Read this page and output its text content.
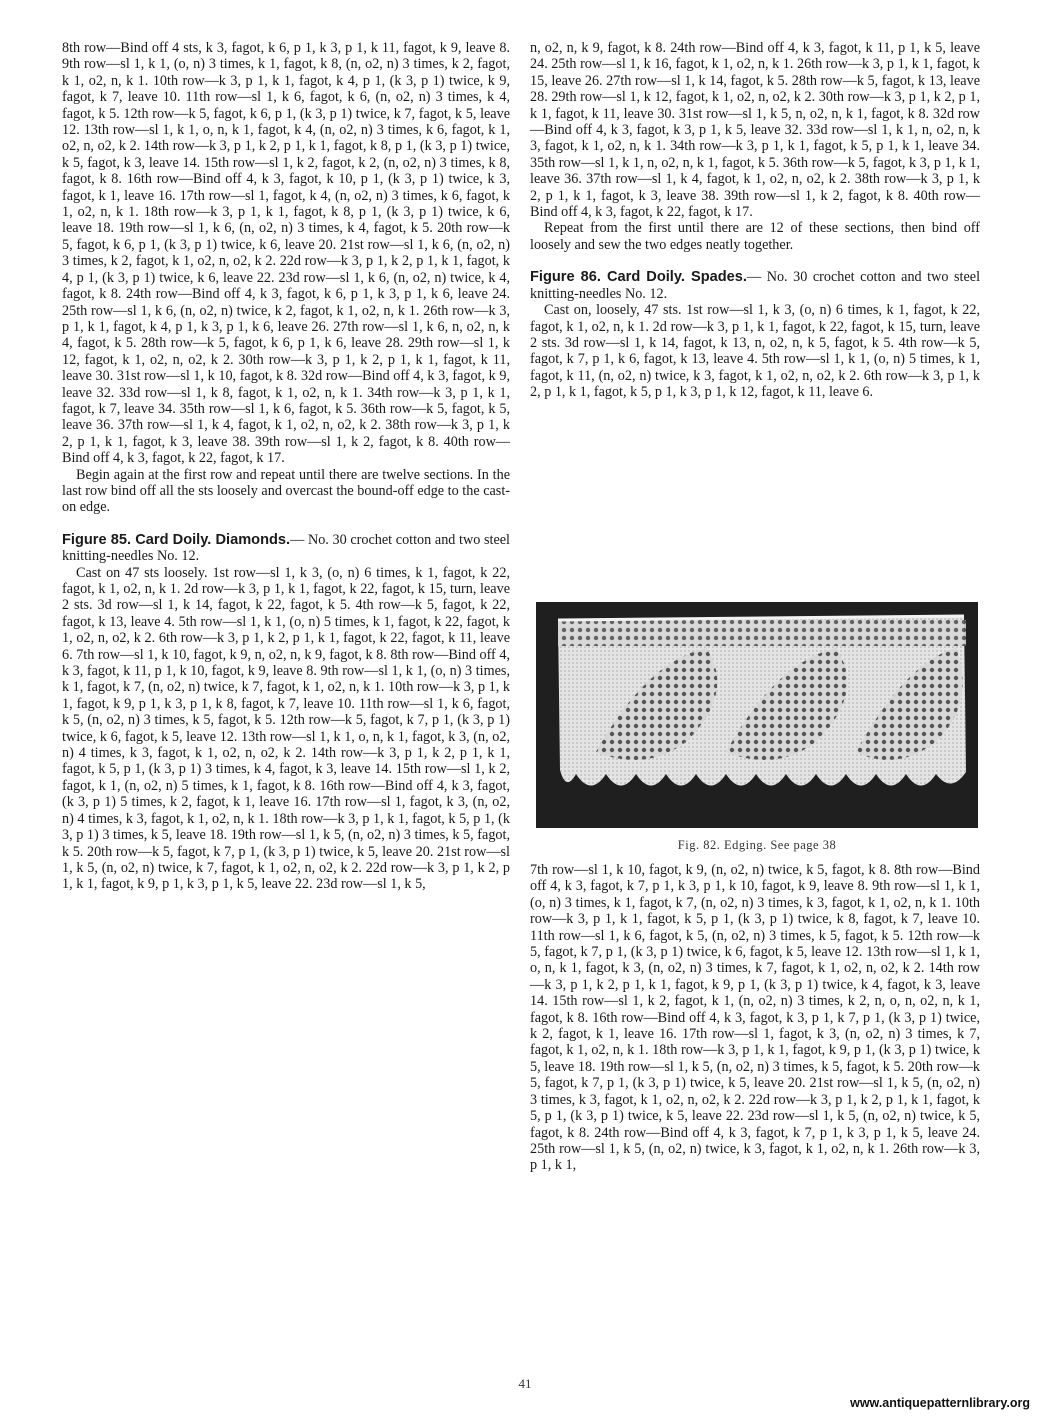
8th row—Bind off 4 sts, k 3, fagot, k 6, p 1, k 3, p 1, k 11, fagot, k 9, leave 8. 9th row—sl 1, k 1, (o, n) 3 times, k 1, fagot, k 8, (n, o2, n) 3 times, k 2, fagot, k 1, o2, n, k 1. 10th row—k 3, p 1, k 1, fagot, k 4, p 1, (k 3, p 1) twice, k 9, fagot, k 7, leave 10. 11th row—sl 1, k 6, fagot, k 6, (n, o2, n) 3 times, k 4, fagot, k 5. 12th row—k 5, fagot, k 6, p 1, (k 3, p 1) twice, k 7, fagot, k 5, leave 12. 13th row—sl 1, k 1, o, n, k 1, fagot, k 4, (n, o2, n) 3 times, k 6, fagot, k 1, o2, n, o2, k 2. 14th row—k 3, p 1, k 2, p 1, k 1, fagot, k 8, p 1, (k 3, p 1) twice, k 5, fagot, k 3, leave 14. 15th row—sl 1, k 2, fagot, k 2, (n, o2, n) 3 times, k 8, fagot, k 8. 16th row—Bind off 4, k 3, fagot, k 10, p 1, (k 3, p 1) twice, k 3, fagot, k 1, leave 16. 17th row—sl 1, fagot, k 4, (n, o2, n) 3 times, k 6, fagot, k 1, o2, n, k 1. 18th row—k 3, p 1, k 1, fagot, k 8, p 1, (k 3, p 1) twice, k 6, leave 18. 19th row—sl 1, k 6, (n, o2, n) 3 times, k 4, fagot, k 5. 20th row—k 5, fagot, k 6, p 1, (k 3, p 1) twice, k 6, leave 20. 21st row—sl 1, k 6, (n, o2, n) 3 times, k 2, fagot, k 1, o2, n, o2, k 2. 22d row—k 3, p 1, k 2, p 1, k 1, fagot, k 4, p 1, (k 3, p 1) twice, k 6, leave 22. 23d row—sl 1, k 6, (n, o2, n) twice, k 4, fagot, k 8. 24th row—Bind off 4, k 3, fagot, k 6, p 1, k 3, p 1, k 6, leave 24. 25th row—sl 1, k 6, (n, o2, n) twice, k 2, fagot, k 1, o2, n, k 1. 26th row—k 3, p 1, k 1, fagot, k 4, p 1, k 3, p 1, k 6, leave 26. 27th row—sl 1, k 6, n, o2, n, k 4, fagot, k 5. 28th row—k 5, fagot, k 6, p 1, k 6, leave 28. 29th row—sl 1, k 12, fagot, k 1, o2, n, o2, k 2. 30th row—k 3, p 1, k 2, p 1, k 1, fagot, k 11, leave 30. 31st row—sl 1, k 10, fagot, k 8. 32d row—Bind off 4, k 3, fagot, k 9, leave 32. 33d row—sl 1, k 8, fagot, k 1, o2, n, k 1. 34th row—k 3, p 1, k 1, fagot, k 7, leave 34. 35th row—sl 1, k 6, fagot, k 5. 36th row—k 5, fagot, k 5, leave 36. 37th row—sl 1, k 4, fagot, k 1, o2, n, o2, k 2. 38th row—k 3, p 1, k 2, p 1, k 1, fagot, k 3, leave 38. 39th row—sl 1, k 2, fagot, k 8. 40th row—Bind off 4, k 3, fagot, k 22, fagot, k 17.

Begin again at the first row and repeat until there are twelve sections. In the last row bind off all the sts loosely and overcast the bound-off edge to the cast-on edge.

Figure 85. Card Doily. Diamonds.— No. 30 crochet cotton and two steel knitting-needles No. 12.

Cast on 47 sts loosely. 1st row—sl 1, k 3, (o, n) 6 times, k 1, fagot, k 22, fagot, k 1, o2, n, k 1. 2d row—k 3, p 1, k 1, fagot, k 22, fagot, k 15, turn, leave 2 sts. 3d row—sl 1, k 14, fagot, k 22, fagot, k 5. 4th row—k 5, fagot, k 22, fagot, k 13, leave 4. 5th row—sl 1, k 1, (o, n) 5 times, k 1, fagot, k 22, fagot, k 1, o2, n, o2, k 2. 6th row—k 3, p 1, k 2, p 1, k 1, fagot, k 22, fagot, k 11, leave 6. 7th row—sl 1, k 10, fagot, k 9, n, o2, n, k 9, fagot, k 8. 8th row—Bind off 4, k 3, fagot, k 11, p 1, k 10, fagot, k 9, leave 8. 9th row—sl 1, k 1, (o, n) 3 times, k 1, fagot, k 7, (n, o2, n) twice, k 7, fagot, k 1, o2, n, k 1. 10th row—k 3, p 1, k 1, fagot, k 9, p 1, k 3, p 1, k 8, fagot, k 7, leave 10. 11th row—sl 1, k 6, fagot, k 5, (n, o2, n) 3 times, k 5, fagot, k 5. 12th row—k 5, fagot, k 7, p 1, (k 3, p 1) twice, k 6, fagot, k 5, leave 12. 13th row—sl 1, k 1, o, n, k 1, fagot, k 3, (n, o2, n) 4 times, k 3, fagot, k 1, o2, n, o2, k 2. 14th row—k 3, p 1, k 2, p 1, k 1, fagot, k 5, p 1, (k 3, p 1) 3 times, k 4, fagot, k 3, leave 14. 15th row—sl 1, k 2, fagot, k 1, (n, o2, n) 5 times, k 1, fagot, k 8. 16th row—Bind off 4, k 3, fagot, (k 3, p 1) 5 times, k 2, fagot, k 1, leave 16. 17th row—sl 1, fagot, k 3, (n, o2, n) 4 times, k 3, fagot, k 1, o2, n, k 1. 18th row—k 3, p 1, k 1, fagot, k 5, p 1, (k 3, p 1) 3 times, k 5, leave 18. 19th row—sl 1, k 5, (n, o2, n) 3 times, k 5, fagot, k 5. 20th row—k 5, fagot, k 7, p 1, (k 3, p 1) twice, k 5, leave 20. 21st row—sl 1, k 5, (n, o2, n) twice, k 7, fagot, k 1, o2, n, o2, k 2. 22d row—k 3, p 1, k 2, p 1, k 1, fagot, k 9, p 1, k 3, p 1, k 5, leave 22. 23d row—sl 1, k 5,

n, o2, n, k 9, fagot, k 8. 24th row—Bind off 4, k 3, fagot, k 11, p 1, k 5, leave 24. 25th row—sl 1, k 16, fagot, k 1, o2, n, k 1. 26th row—k 3, p 1, k 1, fagot, k 15, leave 26. 27th row—sl 1, k 14, fagot, k 5. 28th row—k 5, fagot, k 13, leave 28. 29th row—sl 1, k 12, fagot, k 1, o2, n, o2, k 2. 30th row—k 3, p 1, k 2, p 1, k 1, fagot, k 11, leave 30. 31st row—sl 1, k 5, n, o2, n, k 1, fagot, k 8. 32d row—Bind off 4, k 3, fagot, k 3, p 1, k 5, leave 32. 33d row—sl 1, k 1, n, o2, n, k 3, fagot, k 1, o2, n, k 1. 34th row—k 3, p 1, k 1, fagot, k 5, p 1, k 1, leave 34. 35th row—sl 1, k 1, n, o2, n, k 1, fagot, k 5. 36th row—k 5, fagot, k 3, p 1, k 1, leave 36. 37th row—sl 1, k 4, fagot, k 1, o2, n, o2, k 2. 38th row—k 3, p 1, k 2, p 1, k 1, fagot, k 3, leave 38. 39th row—sl 1, k 2, fagot, k 8. 40th row—Bind off 4, k 3, fagot, k 22, fagot, k 17.

Repeat from the first until there are 12 of these sections, then bind off loosely and sew the two edges neatly together.

Figure 86. Card Doily. Spades.— No. 30 crochet cotton and two steel knitting-needles No. 12.

Cast on, loosely, 47 sts. 1st row—sl 1, k 3, (o, n) 6 times, k 1, fagot, k 22, fagot, k 1, o2, n, k 1. 2d row—k 3, p 1, k 1, fagot, k 22, fagot, k 15, turn, leave 2 sts. 3d row—sl 1, k 14, fagot, k 13, n, o2, n, k 5, fagot, k 5. 4th row—k 5, fagot, k 7, p 1, k 6, fagot, k 13, leave 4. 5th row—sl 1, k 1, (o, n) 5 times, k 1, fagot, k 11, (n, o2, n) twice, k 3, fagot, k 1, o2, n, o2, k 2. 6th row—k 3, p 1, k 2, p 1, k 1, fagot, k 5, p 1, k 3, p 1, k 12, fagot, k 11, leave 6.

Fig. 82. Edging. See page 38

7th row—sl 1, k 10, fagot, k 9, (n, o2, n) twice, k 5, fagot, k 8. 8th row—Bind off 4, k 3, fagot, k 7, p 1, k 3, p 1, k 10, fagot, k 9, leave 8. 9th row—sl 1, k 1, (o, n) 3 times, k 1, fagot, k 7, (n, o2, n) 3 times, k 3, fagot, k 1, o2, n, k 1. 10th row—k 3, p 1, k 1, fagot, k 5, p 1, (k 3, p 1) twice, k 8, fagot, k 7, leave 10. 11th row—sl 1, k 6, fagot, k 5, (n, o2, n) 3 times, k 5, fagot, k 5. 12th row—k 5, fagot, k 7, p 1, (k 3, p 1) twice, k 6, fagot, k 5, leave 12. 13th row—sl 1, k 1, o, n, k 1, fagot, k 3, (n, o2, n) 3 times, k 7, fagot, k 1, o2, n, o2, k 2. 14th row—k 3, p 1, k 2, p 1, k 1, fagot, k 9, p 1, (k 3, p 1) twice, k 4, fagot, k 3, leave 14. 15th row—sl 1, k 2, fagot, k 1, (n, o2, n) 3 times, k 2, n, o, n, o2, n, k 1, fagot, k 8. 16th row—Bind off 4, k 3, fagot, k 3, p 1, k 7, p 1, (k 3, p 1) twice, k 2, fagot, k 1, leave 16. 17th row—sl 1, fagot, k 3, (n, o2, n) 3 times, k 7, fagot, k 1, o2, n, k 1. 18th row—k 3, p 1, k 1, fagot, k 9, p 1, (k 3, p 1) twice, k 5, leave 18. 19th row—sl 1, k 5, (n, o2, n) 3 times, k 5, fagot, k 5. 20th row—k 5, fagot, k 7, p 1, (k 3, p 1) twice, k 5, leave 20. 21st row—sl 1, k 5, (n, o2, n) 3 times, k 3, fagot, k 1, o2, n, o2, k 2. 22d row—k 3, p 1, k 2, p 1, k 1, fagot, k 5, p 1, (k 3, p 1) twice, k 5, leave 22. 23d row—sl 1, k 5, (n, o2, n) twice, k 5, fagot, k 8. 24th row—Bind off 4, k 3, fagot, k 7, p 1, k 3, p 1, k 5, leave 24. 25th row—sl 1, k 5, (n, o2, n) twice, k 3, fagot, k 1, o2, n, k 1. 26th row—k 3, p 1, k 1,

41
www.antiquepatternlibrary.org
